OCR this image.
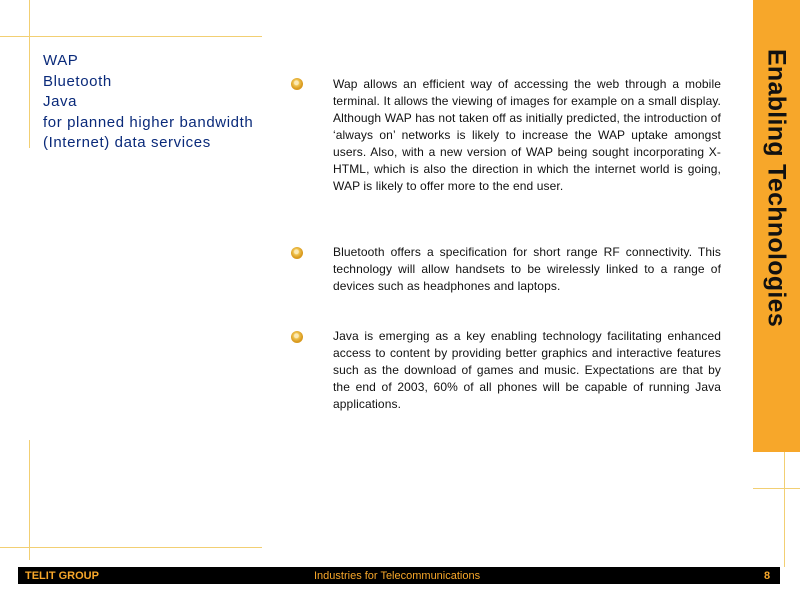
WAP
Bluetooth
Java
for planned higher bandwidth
(Internet) data services
Wap allows an efficient way of accessing the web through a mobile terminal. It allows the viewing of images for example on a small display. Although WAP has not taken off as initially predicted, the introduction of ‘always on’ networks is likely to increase the WAP uptake amongst users. Also, with a new version of WAP being sought incorporating X-HTML, which is also the direction in which the internet world is going, WAP is likely to offer more to the end user.
Bluetooth offers a specification for short range RF connectivity. This technology will allow handsets to be wirelessly linked to a range of devices such as headphones and laptops.
Java is emerging as a key enabling technology facilitating enhanced access to content by providing better graphics and interactive features such as the download of games and music. Expectations are that by the end of 2003, 60% of all phones will be capable of running Java applications.
Enabling Technologies
TELIT GROUP	Industries for Telecommunications	8
